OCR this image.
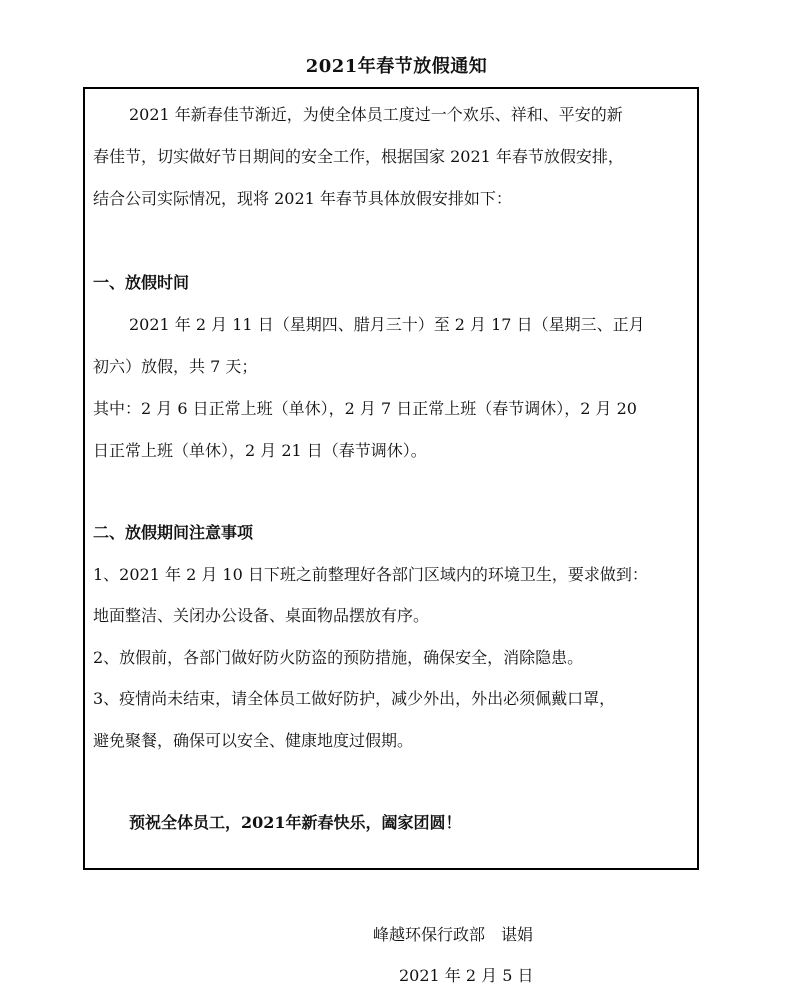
2021年春节放假通知
2021 年新春佳节渐近，为使全体员工度过一个欢乐、祥和、平安的新
春佳节，切实做好节日期间的安全工作，根据国家 2021 年春节放假安排，
结合公司实际情况，现将 2021 年春节具体放假安排如下：
一、放假时间
2021 年 2 月 11 日（星期四、腊月三十）至 2 月 17 日（星期三、正月
初六）放假，共 7 天；
其中：2 月 6 日正常上班（单休），2 月 7 日正常上班（春节调休），2 月 20
日正常上班（单休），2 月 21 日（春节调休）。
二、放假期间注意事项
1、2021 年 2 月 10 日下班之前整理好各部门区域内的环境卫生，要求做到：
地面整洁、关闭办公设备、桌面物品摆放有序。
2、放假前，各部门做好防火防盗的预防措施，确保安全，消除隐患。
3、疫情尚未结束，请全体员工做好防护，减少外出，外出必须佩戴口罩，
避免聚餐，确保可以安全、健康地度过假期。
预祝全体员工，2021年新春快乐，阖家团圆！
峰越环保行政部　谌娟
2021 年 2 月 5 日
